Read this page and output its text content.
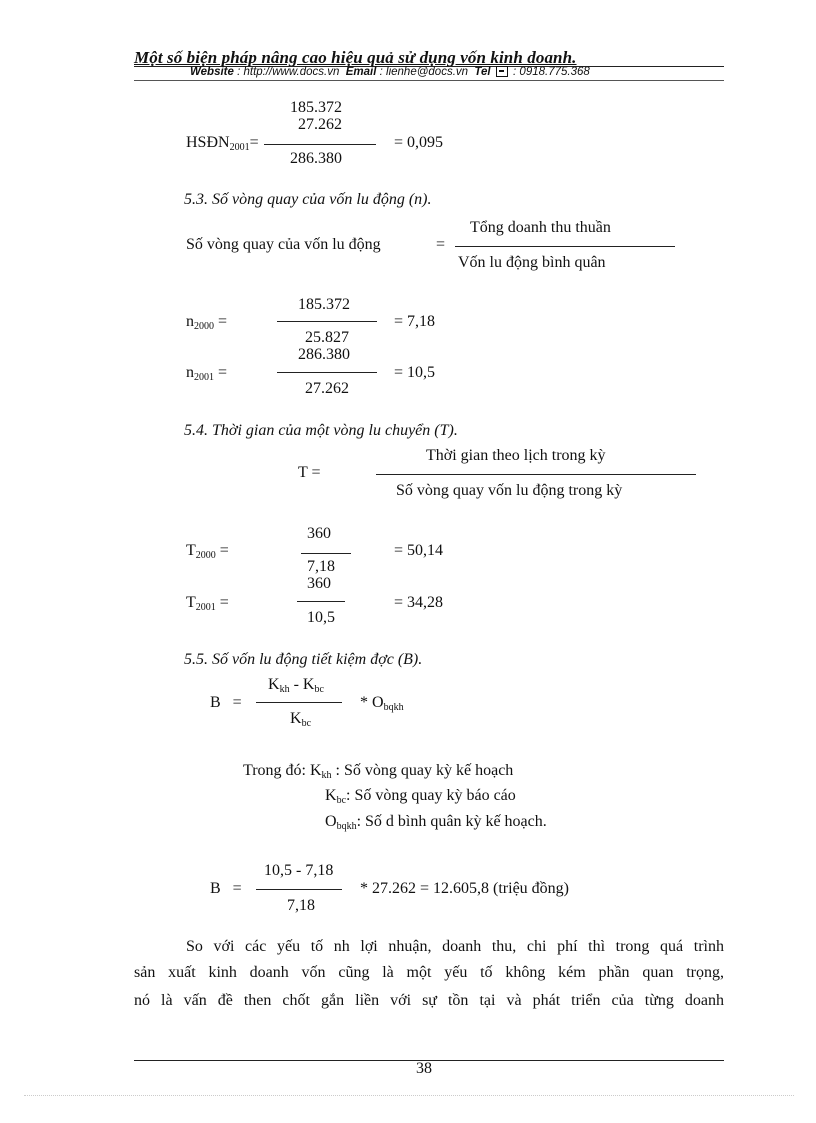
Một số biện pháp nâng cao hiệu quả sử dụng vốn kinh doanh.
Website : http://www.docs.vn Email : lienhe@docs.vn Tel : 0918.775.368
185.372
27.262
HSĐN2001=	= 0,095
286.380
5.3. Số vòng quay của vốn lu động (n).
Tổng doanh thu thuần
Số vòng quay của vốn lu động	=
Vốn lu động bình quân
185.372
n2000 =	= 7,18
25.827
286.380
n2001 =	= 10,5
27.262
5.4. Thời gian của một vòng lu chuyển (T).
Thời gian theo lịch trong kỳ
T =
Số vòng quay vốn lu động trong kỳ
360
T2000 =	= 50,14
7,18
360
T2001 =	= 34,28
10,5
5.5. Số vốn lu động tiết kiệm đợc (B).
Kkh - Kbc
B =	* Obqkh
Kbc
Trong đó: Kkh : Số vòng quay kỳ kế hoạch
Kbc: Số vòng quay kỳ báo cáo
Obqkh: Số d bình quân kỳ kế hoạch.
10,5 - 7,18
B =	* 27.262 = 12.605,8 (triệu đồng)
7,18
So với các yếu tố nh lợi nhuận, doanh thu, chi phí thì trong quá trình
sản xuất kinh doanh vốn cũng là một yếu tố không kém phần quan trọng,
nó là vấn đề then chốt gắn liền với sự tồn tại và phát triển của từng doanh
38
